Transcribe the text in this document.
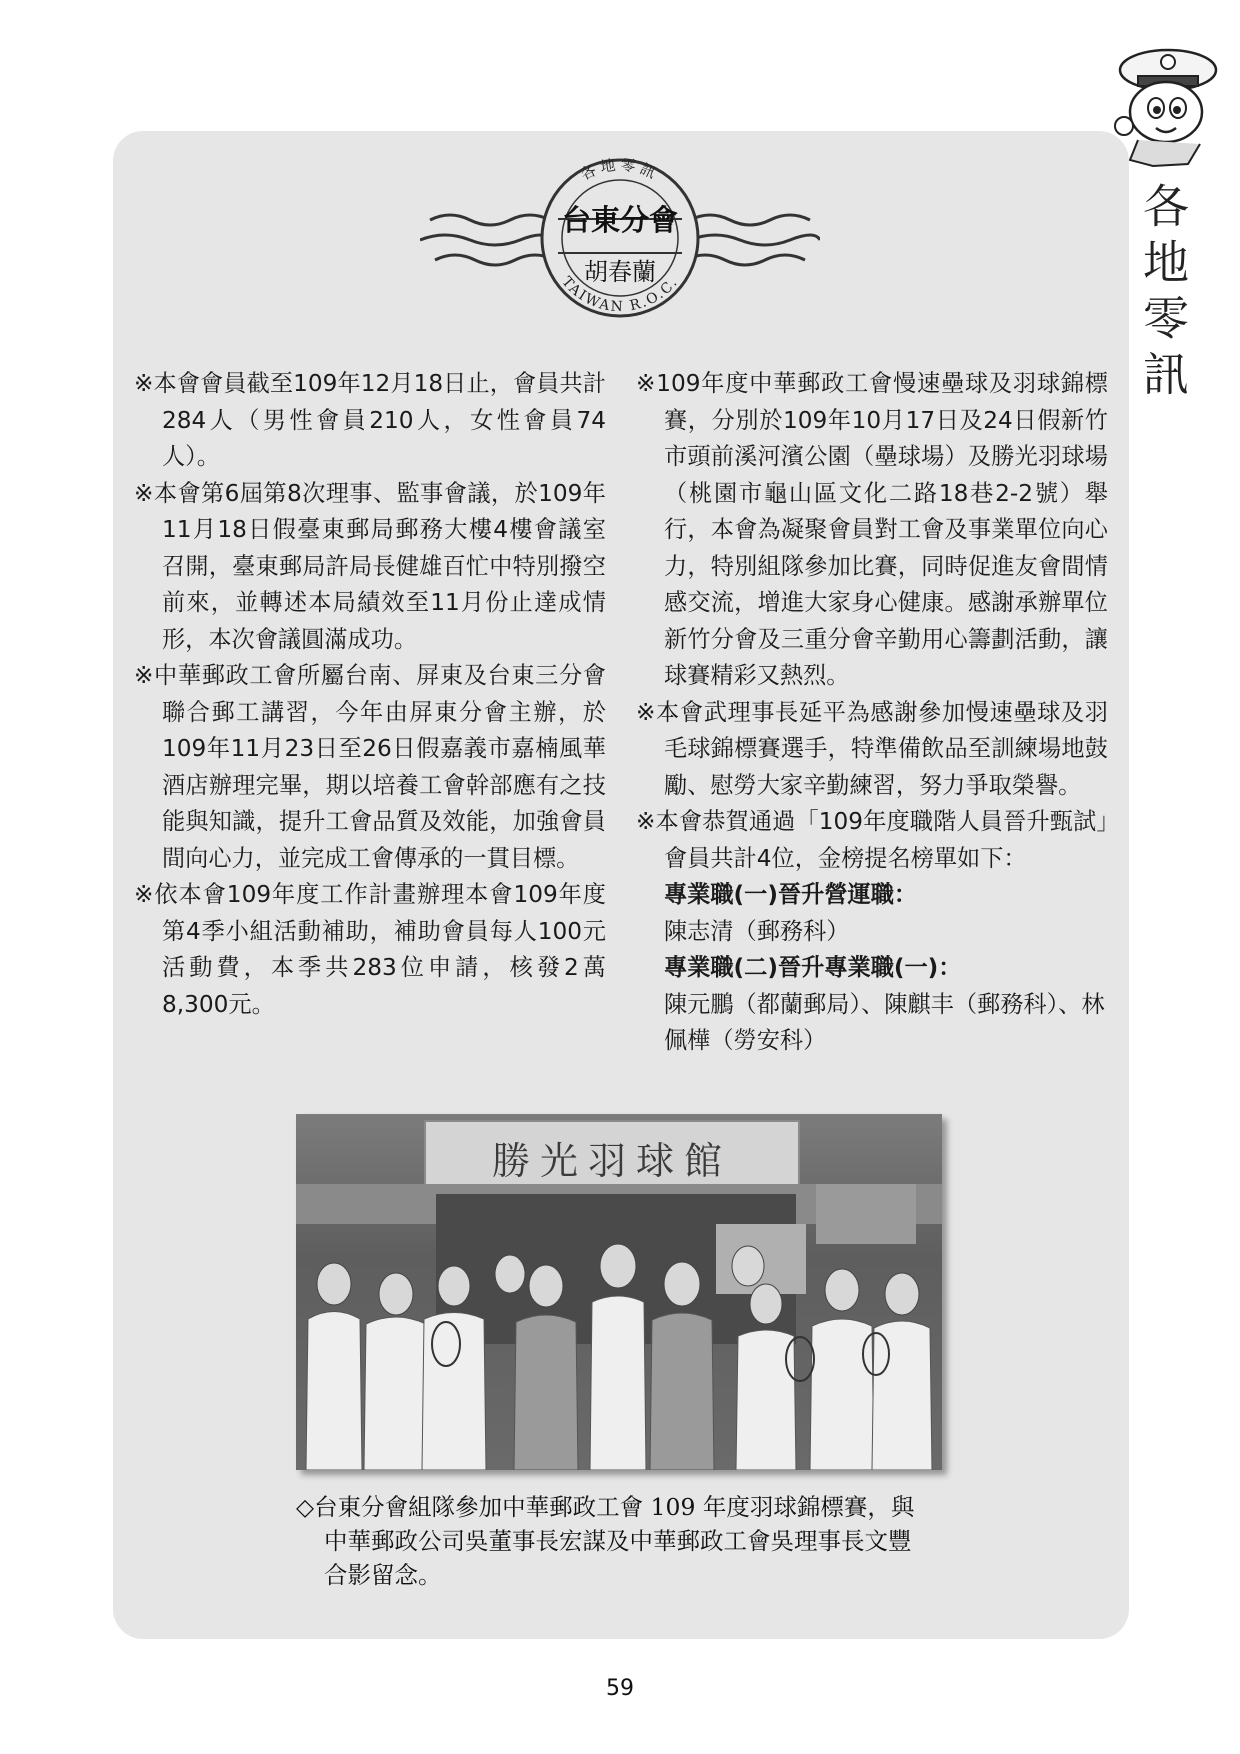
各地零訊
各地零訊
TAIWAN R.O.C.
台東分會
胡春蘭

※本會會員截至109年12月18日止，會員共計284人（男性會員210人，女性會員74人）。

※本會第6屆第8次理事、監事會議，於109年11月18日假臺東郵局郵務大樓4樓會議室召開，臺東郵局許局長健雄百忙中特別撥空前來，並轉述本局績效至11月份止達成情形，本次會議圓滿成功。

※中華郵政工會所屬台南、屏東及台東三分會聯合郵工講習，今年由屏東分會主辦，於109年11月23日至26日假嘉義市嘉楠風華酒店辦理完畢，期以培養工會幹部應有之技能與知識，提升工會品質及效能，加強會員間向心力，並完成工會傳承的一貫目標。

※依本會109年度工作計畫辦理本會109年度第4季小組活動補助，補助會員每人100元活動費，本季共283位申請，核發2萬8,300元。

※109年度中華郵政工會慢速壘球及羽球錦標賽，分別於109年10月17日及24日假新竹市頭前溪河濱公園（壘球場）及勝光羽球場（桃園市龜山區文化二路18巷2-2號）舉行，本會為凝聚會員對工會及事業單位向心力，特別組隊參加比賽，同時促進友會間情感交流，增進大家身心健康。感謝承辦單位新竹分會及三重分會辛勤用心籌劃活動，讓球賽精彩又熱烈。

※本會武理事長延平為感謝參加慢速壘球及羽毛球錦標賽選手，特準備飲品至訓練場地鼓勵、慰勞大家辛勤練習，努力爭取榮譽。

※本會恭賀通過「109年度職階人員晉升甄試」會員共計4位，金榜提名榜單如下：

專業職(一)晉升營運職：

陳志清（郵務科）

專業職(二)晉升專業職(一)：

陳元鵬（都蘭郵局）、陳麒丰（郵務科）、林佩樺（勞安科）

勝光羽球館

◇台東分會組隊參加中華郵政工會 109 年度羽球錦標賽，與

中華郵政公司吳董事長宏謀及中華郵政工會吳理事長文豐

合影留念。

59
